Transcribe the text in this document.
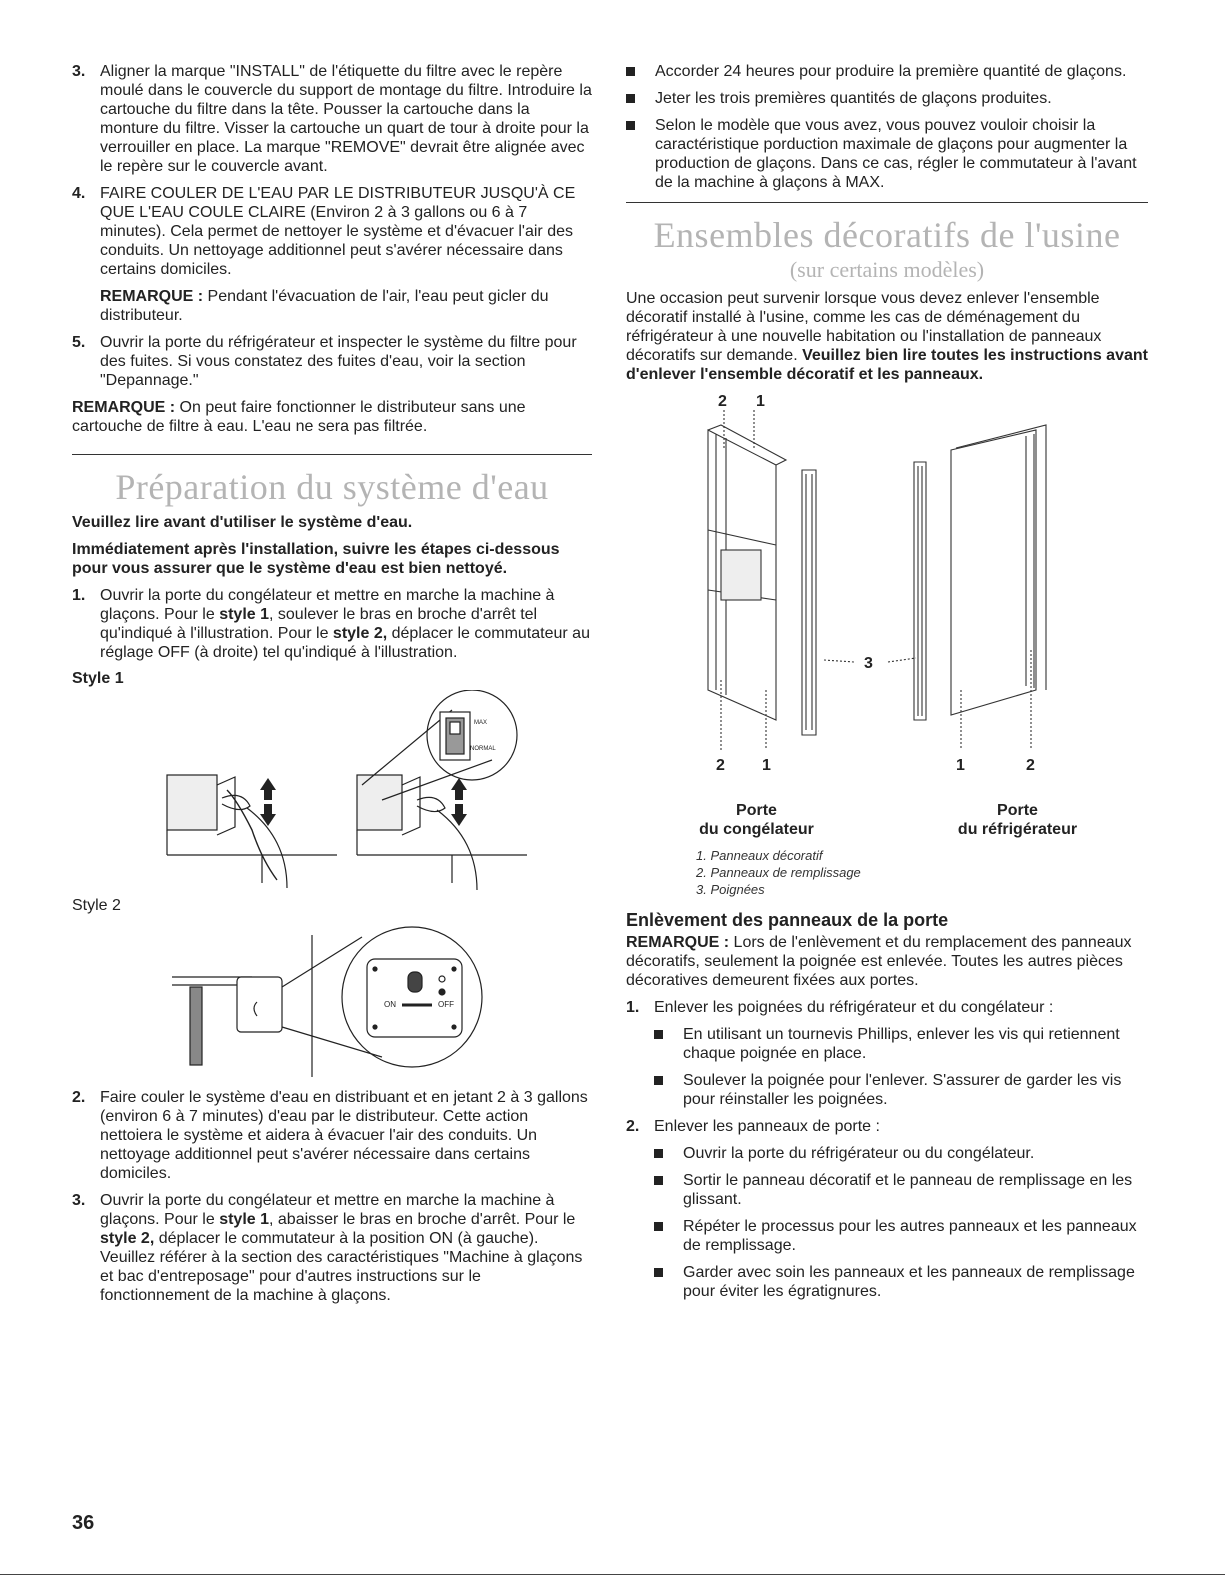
3. Aligner la marque "INSTALL" de l'étiquette du filtre avec le repère moulé dans le couvercle du support de montage du filtre. Introduire la cartouche du filtre dans la tête. Pousser la cartouche dans la monture du filtre. Visser la cartouche un quart de tour à droite pour la verrouiller en place. La marque "REMOVE" devrait être alignée avec le repère sur le couvercle avant.
4. FAIRE COULER DE L'EAU PAR LE DISTRIBUTEUR JUSQU'À CE QUE L'EAU COULE CLAIRE (Environ 2 à 3 gallons ou 6 à 7 minutes). Cela permet de nettoyer le système et d'évacuer l'air des conduits. Un nettoyage additionnel peut s'avérer nécessaire dans certains domiciles.

REMARQUE : Pendant l'évacuation de l'air, l'eau peut gicler du distributeur.

5. Ouvrir la porte du réfrigérateur et inspecter le système du filtre pour des fuites. Si vous constatez des fuites d'eau, voir la section "Depannage."

REMARQUE : On peut faire fonctionner le distributeur sans une cartouche de filtre à eau. L'eau ne sera pas filtrée.

Préparation du système d'eau

Veuillez lire avant d'utiliser le système d'eau.

Immédiatement après l'installation, suivre les étapes ci-dessous pour vous assurer que le système d'eau est bien nettoyé.

1. Ouvrir la porte du congélateur et mettre en marche la machine à glaçons. Pour le style 1, soulever le bras en broche d'arrêt tel qu'indiqué à l'illustration. Pour le style 2, déplacer le commutateur au réglage OFF (à droite) tel qu'indiqué à l'illustration.
Style 1
MAX
NORMAL
Style 2
ON	OFF
2. Faire couler le système d'eau en distribuant et en jetant 2 à 3 gallons (environ 6 à 7 minutes) d'eau par le distributeur. Cette action nettoiera le système et aidera à évacuer l'air des conduits. Un nettoyage additionnel peut s'avérer nécessaire dans certains domiciles.
3. Ouvrir la porte du congélateur et mettre en marche la machine à glaçons. Pour le style 1, abaisser le bras en broche d'arrêt. Pour le style 2, déplacer le commutateur à la position ON (à gauche). Veuillez référer à la section des caractéristiques "Machine à glaçons et bac d'entreposage" pour d'autres instructions sur le fonctionnement de la machine à glaçons.
Accorder 24 heures pour produire la première quantité de glaçons.
Jeter les trois premières quantités de glaçons produites.
Selon le modèle que vous avez, vous pouvez vouloir choisir la caractéristique porduction maximale de glaçons pour augmenter la production de glaçons. Dans ce cas, régler le commutateur à l'avant de la machine à glaçons à MAX.
Ensembles décoratifs de l'usine
(sur certains modèles)

Une occasion peut survenir lorsque vous devez enlever l'ensemble décoratif installé à l'usine, comme les cas de déménagement du réfrigérateur à une nouvelle habitation ou l'installation de panneaux décoratifs sur demande. Veuillez bien lire toutes les instructions avant d'enlever l'ensemble décoratif et les panneaux.

2 1
3
2 1	1	2
Porte
du congélateur
Porte
du réfrigérateur
1. Panneaux décoratif
2. Panneaux de remplissage
3. Poignées
Enlèvement des panneaux de la porte

REMARQUE : Lors de l'enlèvement et du remplacement des panneaux décoratifs, seulement la poignée est enlevée. Toutes les autres pièces décoratives demeurent fixées aux portes.

1. Enlever les poignées du réfrigérateur et du congélateur :
En utilisant un tournevis Phillips, enlever les vis qui retiennent chaque poignée en place.
Soulever la poignée pour l'enlever. S'assurer de garder les vis pour réinstaller les poignées.
2. Enlever les panneaux de porte :
Ouvrir la porte du réfrigérateur ou du congélateur.
Sortir le panneau décoratif et le panneau de remplissage en les glissant.
Répéter le processus pour les autres panneaux et les panneaux de remplissage.
Garder avec soin les panneaux et les panneaux de remplissage pour éviter les égratignures.
36
